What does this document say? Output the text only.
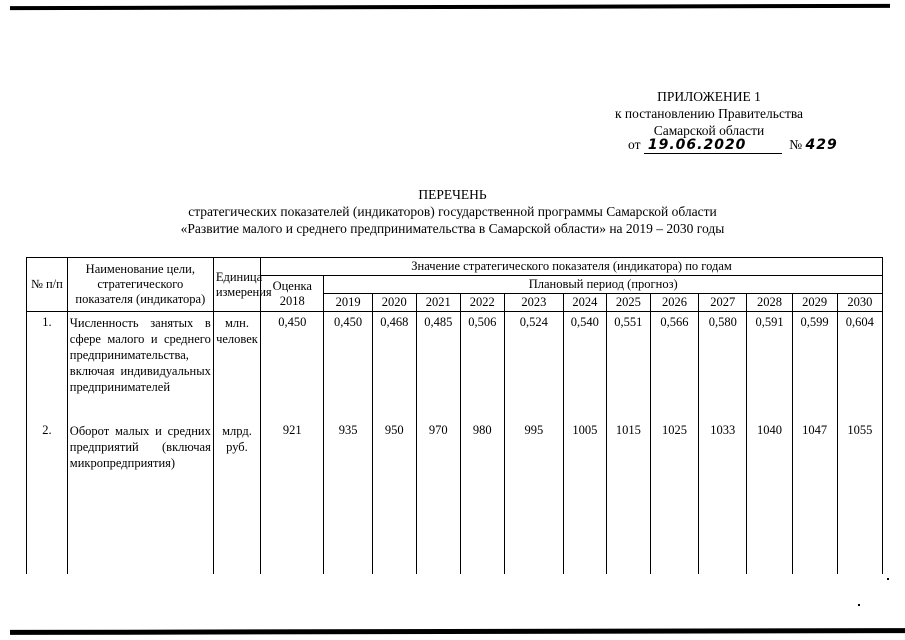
ПРИЛОЖЕНИЕ 1
к постановлению Правительства
Самарской области
от 19.06.2020	№ 429
ПЕРЕЧЕНЬ
стратегических показателей (индикаторов) государственной программы Самарской области
«Развитие малого и среднего предпринимательства в Самарской области» на 2019 – 2030 годы
№ п/п	Наименование цели, стратегического показателя (индикатора)	Единица измерения	Значение стратегического показателя (индикатора) по годам												
			Оценка 2018	Плановый период (прогноз)											
				2019	2020	2021	2022	2023	2024	2025	2026	2027	2028	2029	2030
1.	Численность занятых в сфере малого и среднего предпринимательства, включая индивидуальных предпринимателей	млн. человек	0,450	0,450	0,468	0,485	0,506	0,524	0,540	0,551	0,566	0,580	0,591	0,599	0,604
2.	Оборот малых и средних предприятий (включая микропредприятия)	млрд. руб.	921	935	950	970	980	995	1005	1015	1025	1033	1040	1047	1055
